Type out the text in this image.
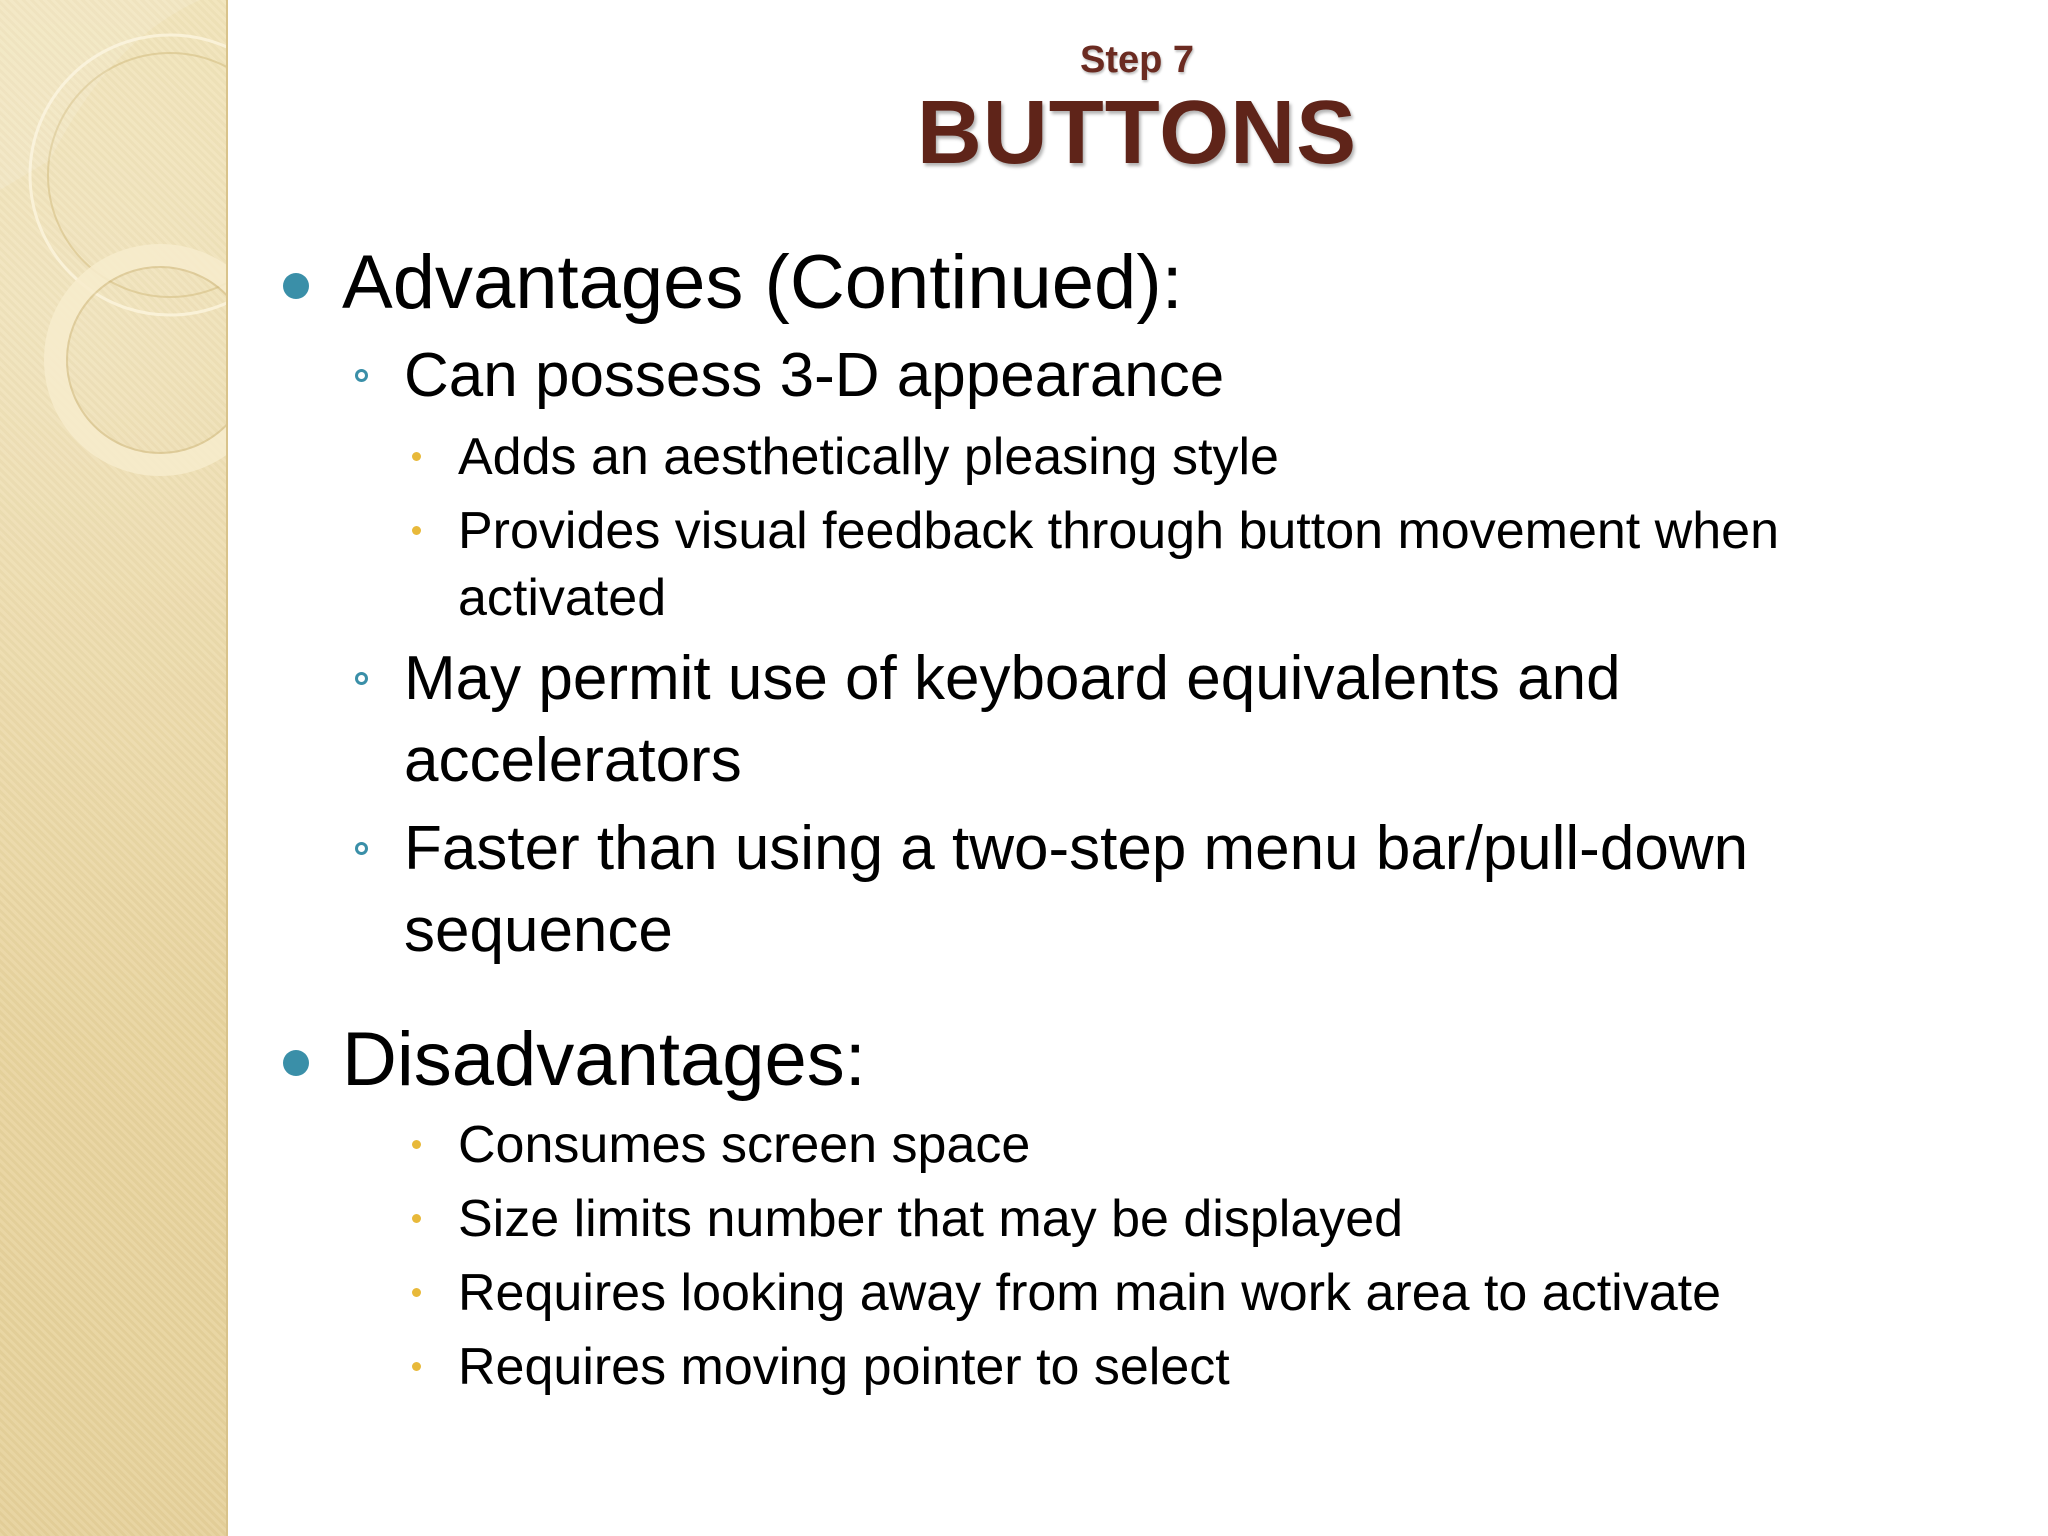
Step 7
BUTTONS
Advantages (Continued):
Can possess 3-D appearance
Adds an aesthetically pleasing style
Provides visual feedback through button movement when
activated
May permit use of keyboard equivalents and
accelerators
Faster than using a two-step menu bar/pull-down
sequence
Disadvantages:
Consumes screen space
Size limits number that may be displayed
Requires looking away from main work area to activate
Requires moving pointer to select
